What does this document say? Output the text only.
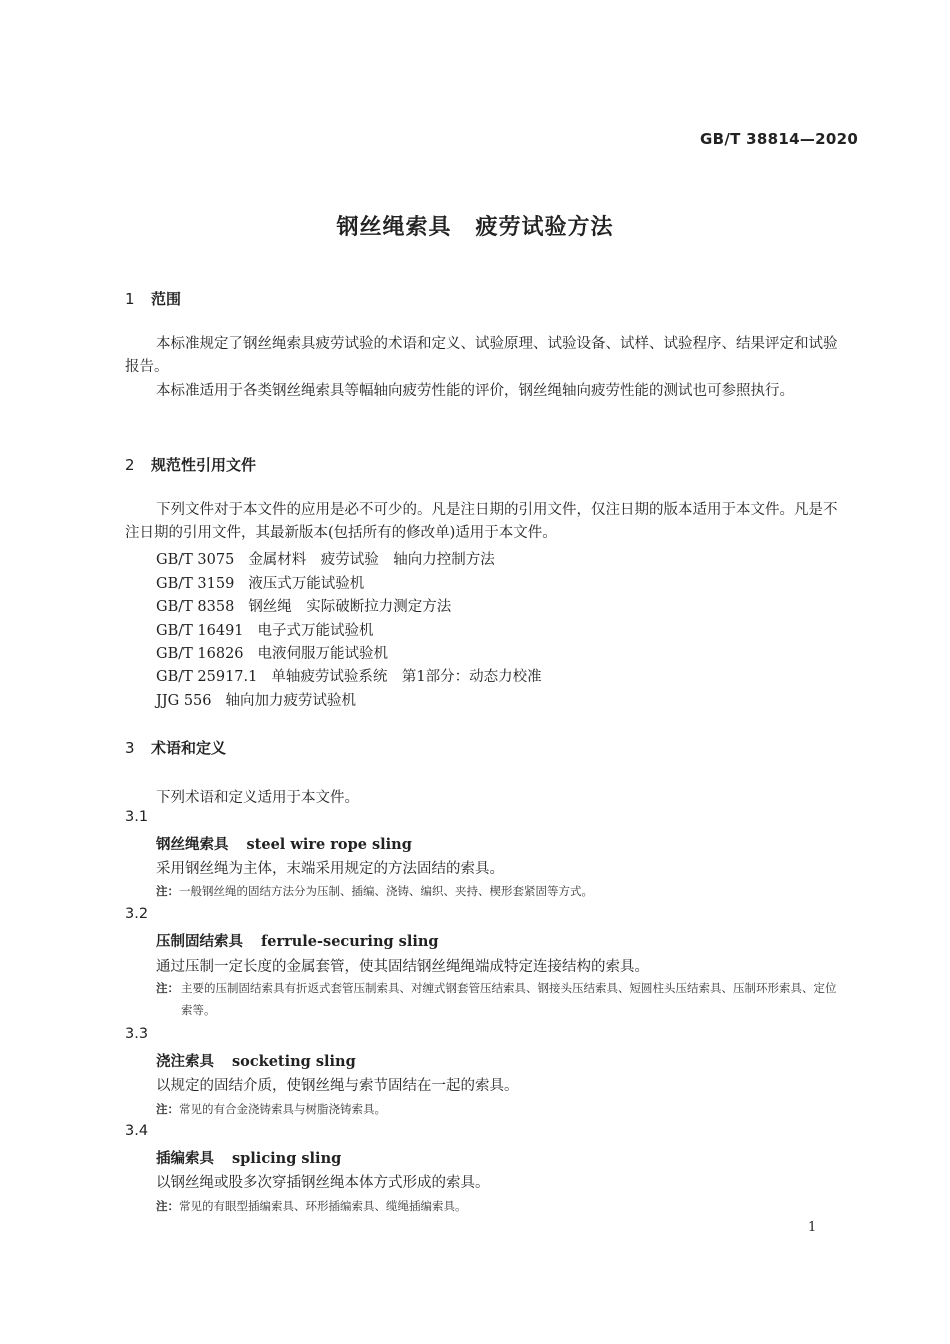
GB/T 38814—2020
钢丝绳索具 疲劳试验方法
1 范围
本标准规定了钢丝绳索具疲劳试验的术语和定义、试验原理、试验设备、试样、试验程序、结果评定和试验报告。
本标准适用于各类钢丝绳索具等幅轴向疲劳性能的评价，钢丝绳轴向疲劳性能的测试也可参照执行。
2 规范性引用文件
下列文件对于本文件的应用是必不可少的。凡是注日期的引用文件，仅注日期的版本适用于本文件。凡是不注日期的引用文件，其最新版本(包括所有的修改单)适用于本文件。
GB/T 3075 金属材料　疲劳试验　轴向力控制方法
GB/T 3159 液压式万能试验机
GB/T 8358 钢丝绳　实际破断拉力测定方法
GB/T 16491 电子式万能试验机
GB/T 16826 电液伺服万能试验机
GB/T 25917.1 单轴疲劳试验系统　第1部分：动态力校准
JJG 556 轴向加力疲劳试验机
3 术语和定义
下列术语和定义适用于本文件。
3.1
钢丝绳索具 steel wire rope sling
采用钢丝绳为主体，末端采用规定的方法固结的索具。
注：一般钢丝绳的固结方法分为压制、插编、浇铸、编织、夹持、楔形套紧固等方式。
3.2
压制固结索具 ferrule-securing sling
通过压制一定长度的金属套管，使其固结钢丝绳绳端成特定连接结构的索具。
注： 主要的压制固结索具有折返式套管压制索具、对缠式钢套管压结索具、钢接头压结索具、短圆柱头压结索具、压制环形索具、定位索等。
3.3
浇注索具 socketing sling
以规定的固结介质，使钢丝绳与索节固结在一起的索具。
注：常见的有合金浇铸索具与树脂浇铸索具。
3.4
插编索具 splicing sling
以钢丝绳或股多次穿插钢丝绳本体方式形成的索具。
注：常见的有眼型插编索具、环形插编索具、缆绳插编索具。
1
